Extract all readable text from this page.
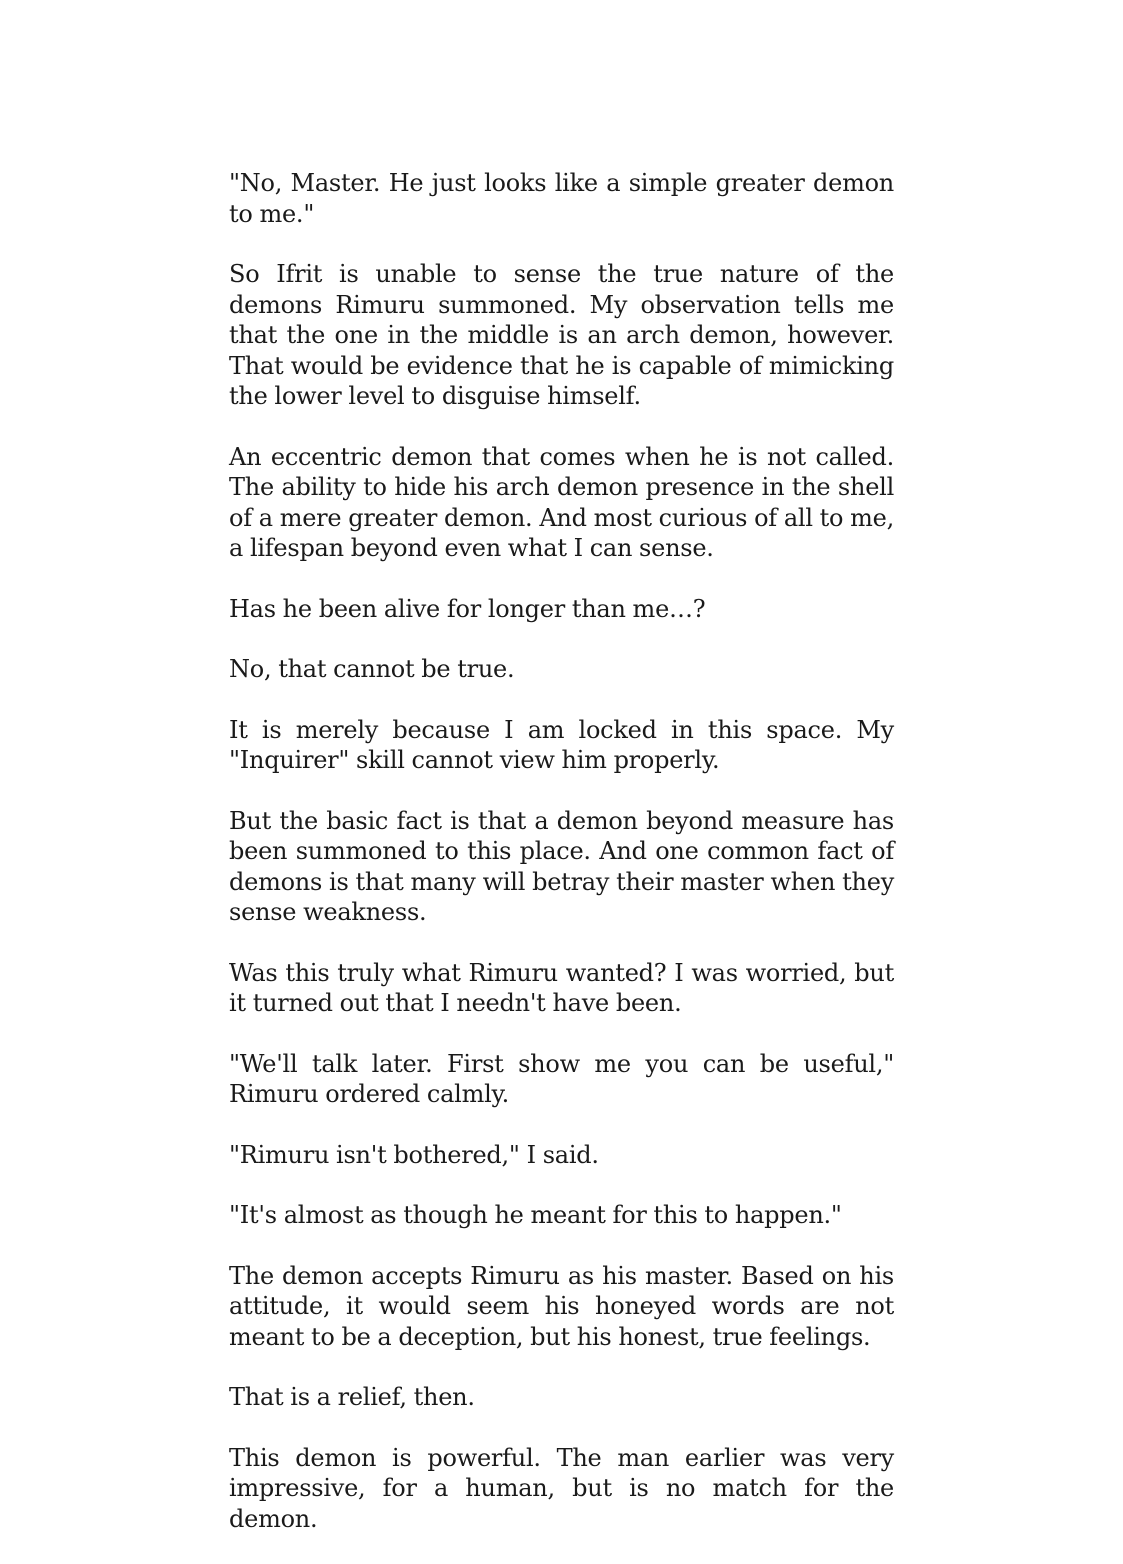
"No, Master. He just looks like a simple greater demon to me."

So Ifrit is unable to sense the true nature of the demons Rimuru summoned. My observation tells me that the one in the middle is an arch demon, however. That would be evidence that he is capable of mimicking the lower level to disguise himself.

An eccentric demon that comes when he is not called. The ability to hide his arch demon presence in the shell of a mere greater demon. And most curious of all to me, a lifespan beyond even what I can sense.

Has he been alive for longer than me…?

No, that cannot be true.

It is merely because I am locked in this space. My "Inquirer" skill cannot view him properly.

But the basic fact is that a demon beyond measure has been summoned to this place. And one common fact of demons is that many will betray their master when they sense weakness.

Was this truly what Rimuru wanted? I was worried, but it turned out that I needn't have been.

"We'll talk later. First show me you can be useful," Rimuru ordered calmly.

"Rimuru isn't bothered," I said.

"It's almost as though he meant for this to happen."

The demon accepts Rimuru as his master. Based on his attitude, it would seem his honeyed words are not meant to be a deception, but his honest, true feelings.

That is a relief, then.

This demon is powerful. The man earlier was very impressive, for a human, but is no match for the demon.
